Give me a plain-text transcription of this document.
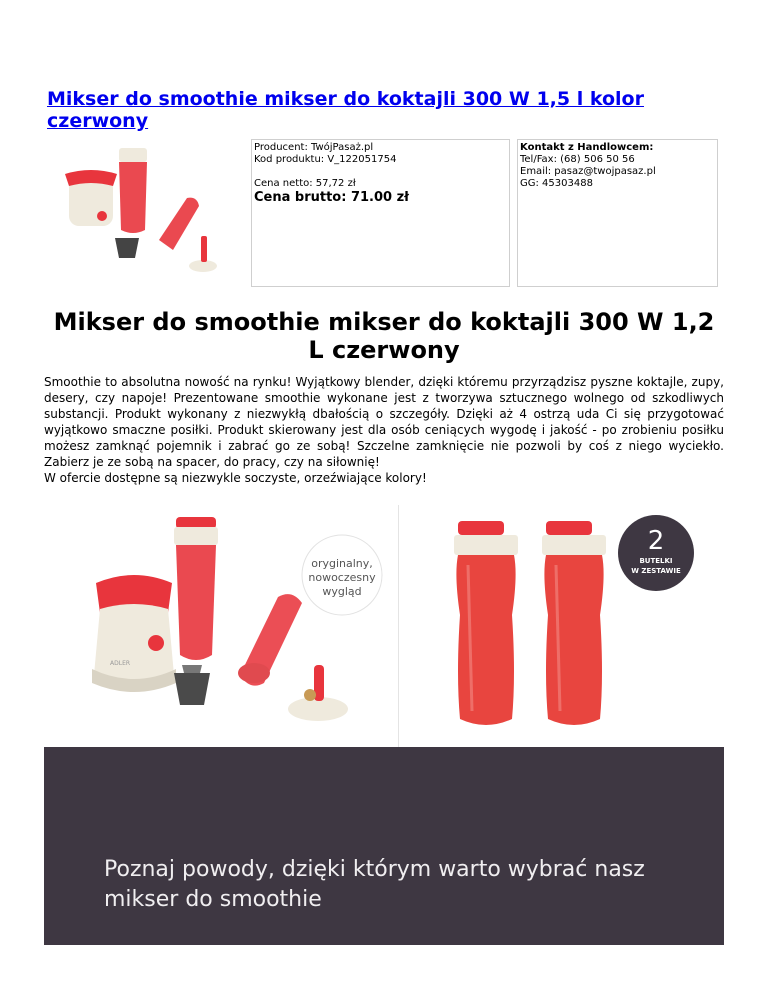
Mikser do smoothie mikser do koktajli 300 W 1,5 l kolor czerwony
Producent: TwójPasaż.pl
Kod produktu: V_122051754
Cena netto: 57,72 zł
Cena brutto: 71.00 zł
Kontakt z Handlowcem:
Tel/Fax: (68) 506 50 56
Email: pasaz@twojpasaz.pl
GG: 45303488
Mikser do smoothie mikser do koktajli 300 W 1,2 L czerwony

Smoothie to absolutna nowość na rynku! Wyjątkowy blender, dzięki któremu przyrządzisz pyszne koktajle, zupy, desery, czy napoje! Prezentowane smoothie wykonane jest z tworzywa sztucznego wolnego od szkodliwych substancji. Produkt wykonany z niezwykłą dbałością o szczegóły. Dzięki aż 4 ostrzą uda Ci się przygotować wyjątkowo smaczne posiłki. Produkt skierowany jest dla osób ceniących wygodę i jakość - po zrobieniu posiłku możesz zamknąć pojemnik i zabrać go ze sobą! Szczelne zamknięcie nie pozwoli by coś z niego wyciekło. Zabierz je ze sobą na spacer, do pracy, czy na siłownię!

W ofercie dostępne są niezwykle soczyste, orzeźwiające kolory!

ADLER
oryginalny,
nowoczesny
wygląd
2
BUTELKI
W ZESTAWIE
Poznaj powody, dzięki którym warto wybrać nasz mikser do smoothie
